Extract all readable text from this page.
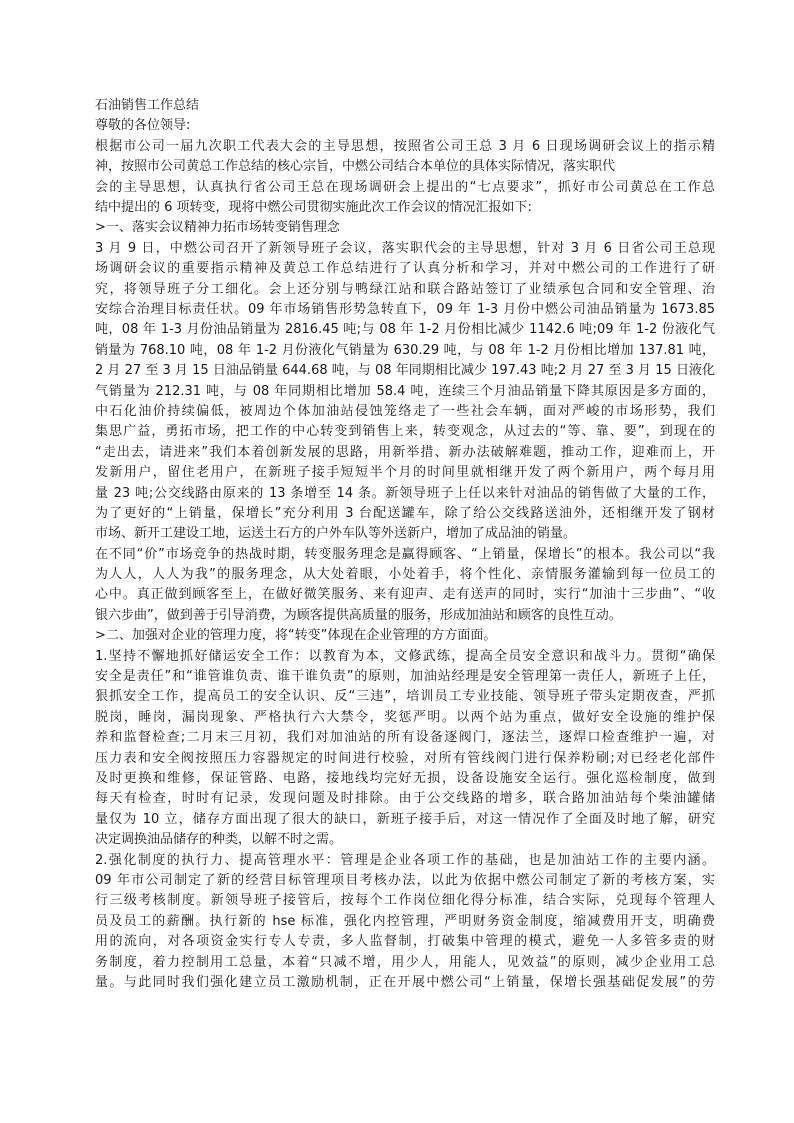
石油销售工作总结
尊敬的各位领导:
根据市公司一届九次职工代表大会的主导思想，按照省公司王总 3 月 6 日现场调研会议上的指示精
神，按照市公司黄总工作总结的核心宗旨，中燃公司结合本单位的具体实际情况，落实职代
会的主导思想，认真执行省公司王总在现场调研会上提出的“七点要求”，抓好市公司黄总在工作总
结中提出的 6 项转变，现将中燃公司贯彻实施此次工作会议的情况汇报如下:
>一、落实会议精神力拓市场转变销售理念
3 月 9 日，中燃公司召开了新领导班子会议，落实职代会的主导思想，针对 3 月 6 日省公司王总现
场调研会议的重要指示精神及黄总工作总结进行了认真分析和学习，并对中燃公司的工作进行了研
究，将领导班子分工细化。会上还分别与鸭绿江站和联合路站签订了业绩承包合同和安全管理、治
安综合治理目标责任状。09 年市场销售形势急转直下，09 年 1-3 月份中燃公司油品销量为 1673.85
吨，08 年 1-3 月份油品销量为 2816.45 吨;与 08 年 1-2 月份相比减少 1142.6 吨;09 年 1-2 份液化气
销量为 768.10 吨，08 年 1-2 月份液化气销量为 630.29 吨，与 08 年 1-2 月份相比增加 137.81 吨，
2 月 27 至 3 月 15 日油品销量 644.68 吨，与 08 年同期相比减少 197.43 吨;2 月 27 至 3 月 15 日液化
气销量为 212.31 吨，与 08 年同期相比增加 58.4 吨，连续三个月油品销量下降其原因是多方面的，
中石化油价持续偏低，被周边个体加油站侵蚀笼络走了一些社会车辆，面对严峻的市场形势，我们
集思广益，勇拓市场，把工作的中心转变到销售上来，转变观念，从过去的“等、靠、要”，到现在的
“走出去，请进来”我们本着创新发展的思路，用新举措、新办法破解难题，推动工作，迎难而上，开
发新用户，留住老用户，在新班子接手短短半个月的时间里就相继开发了两个新用户，两个每月用
量 23 吨;公交线路由原来的 13 条增至 14 条。新领导班子上任以来针对油品的销售做了大量的工作，
为了更好的“上销量，保增长”充分利用 3 台配送罐车，除了给公交线路送油外，还相继开发了钢材
市场、新开工建设工地，运送土石方的户外车队等外送新户，增加了成品油的销量。
在不同“价”市场竞争的热战时期，转变服务理念是赢得顾客、“上销量，保增长”的根本。我公司以“我
为人人，人人为我”的服务理念，从大处着眼，小处着手，将个性化、亲情服务灌输到每一位员工的
心中。真正做到顾客至上，在做好微笑服务、来有迎声、走有送声的同时，实行“加油十三步曲”、“收
银六步曲”，做到善于引导消费，为顾客提供高质量的服务，形成加油站和顾客的良性互动。
>二、加强对企业的管理力度，将“转变”体现在企业管理的方方面面。
1.坚持不懈地抓好储运安全工作：以教育为本，文修武练，提高全员安全意识和战斗力。贯彻“确保
安全是责任”和“谁管谁负责、谁干谁负责”的原则，加油站经理是安全管理第一责任人，新班子上任，
狠抓安全工作，提高员工的安全认识、反“三违”，培训员工专业技能、领导班子带头定期夜查，严抓
脱岗，睡岗，漏岗现象、严格执行六大禁令，奖惩严明。以两个站为重点，做好安全设施的维护保
养和监督检查;二月末三月初，我们对加油站的所有设备逐阀门，逐法兰，逐焊口检查维护一遍，对
压力表和安全阀按照压力容器规定的时间进行校验，对所有管线阀门进行保养粉刷;对已经老化部件
及时更换和维修，保证管路、电路，接地线均完好无损，设备设施安全运行。强化巡检制度，做到
每天有检查，时时有记录，发现问题及时排除。由于公交线路的增多，联合路加油站每个柴油罐储
量仅为 10 立，储存方面出现了很大的缺口，新班子接手后，对这一情况作了全面及时地了解，研究
决定调换油品储存的种类，以解不时之需。
2.强化制度的执行力、提高管理水平：管理是企业各项工作的基础，也是加油站工作的主要内涵。
09 年市公司制定了新的经营目标管理项目考核办法，以此为依据中燃公司制定了新的考核方案，实
行三级考核制度。新领导班子接管后，按每个工作岗位细化得分标准，结合实际，兑现每个管理人
员及员工的薪酬。执行新的 hse 标准，强化内控管理，严明财务资金制度，缩减费用开支，明确费
用的流向，对各项资金实行专人专责，多人监督制，打破集中管理的模式，避免一人多管多责的财
务制度，着力控制用工总量，本着“只减不增，用少人，用能人，见效益”的原则，减少企业用工总
量。与此同时我们强化建立员工激励机制，正在开展中燃公司“上销量，保增长强基础促发展”的劳
